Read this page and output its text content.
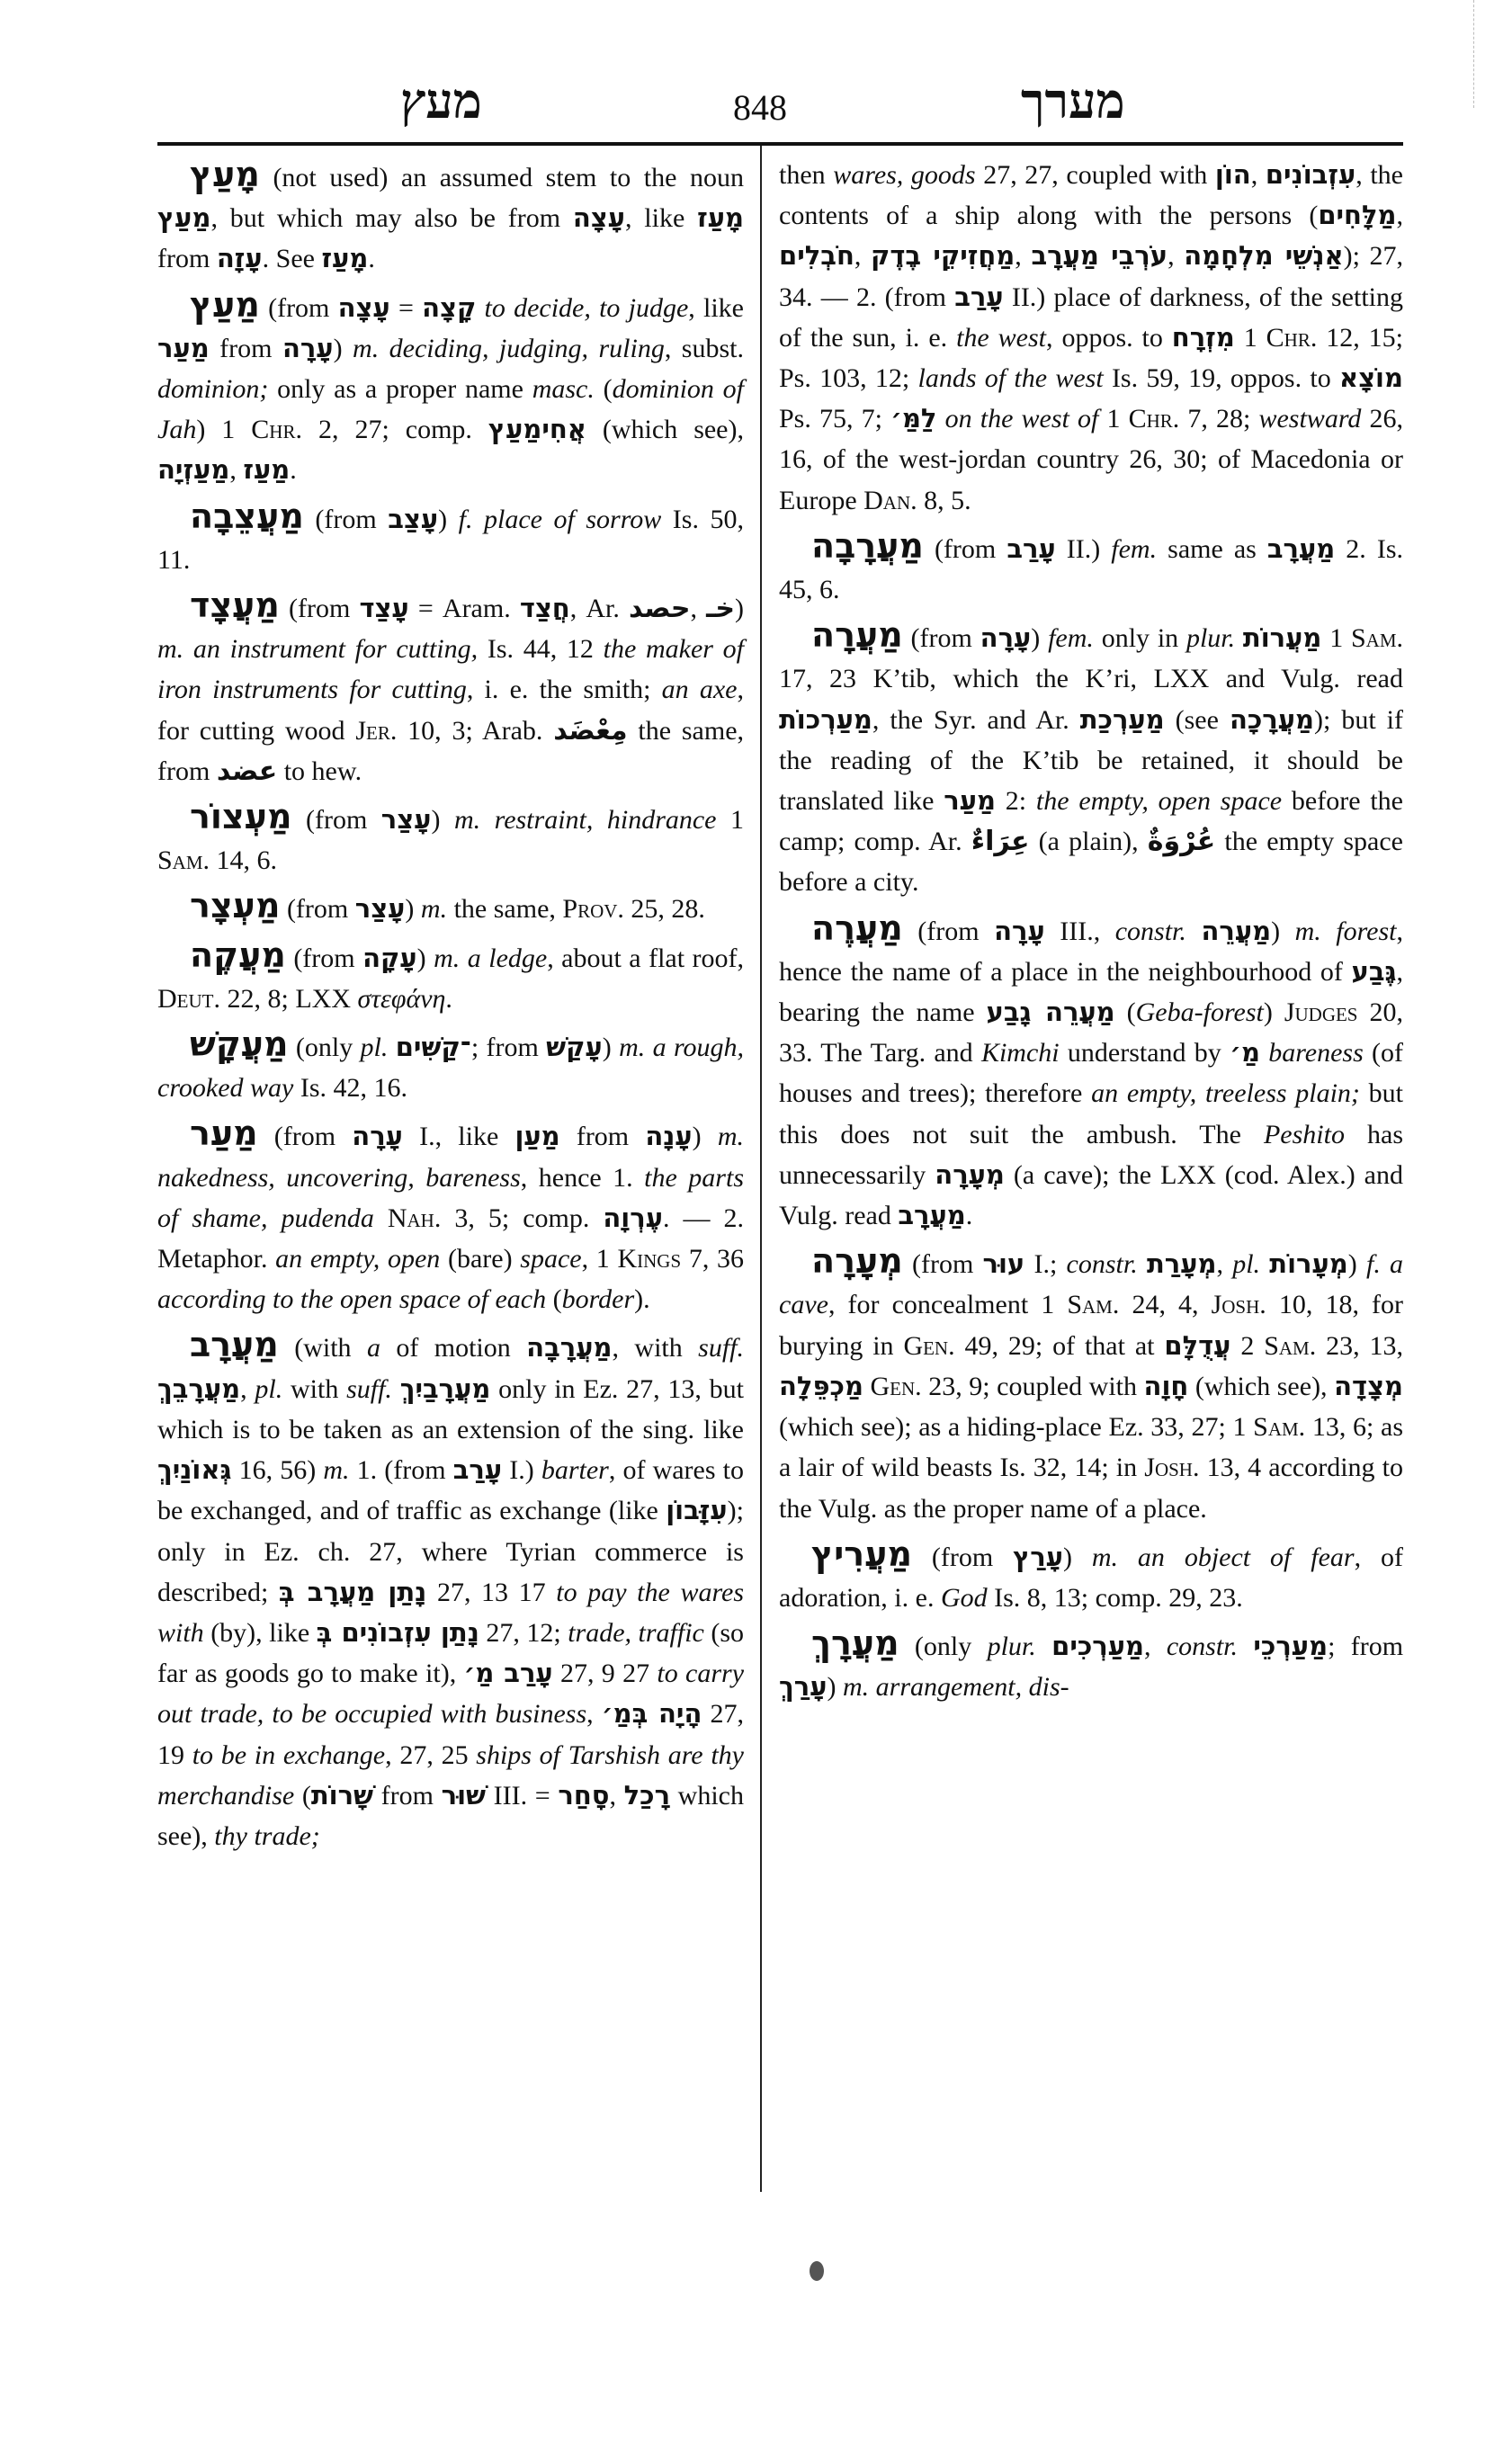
מעץ	848	מערך

מָעַץ (not used) an assumed stem to the noun מַעַץ, but which may also be from עָצָה, like מָעַז from עָזָה. See מָעַז.

מַעַץ (from עָצָה = קָצָה to decide, to judge, like מַעַר from עָרָה) m. deciding, judging, ruling, subst. dominion; only as a proper name masc. (dominion of Jah) 1 Chr. 2, 27; comp. אֲחִימַעַץ (which see), מַעַזְיָה, מַעַז.

מַעֲצֵבָה (from עָצַב) f. place of sorrow Is. 50, 11.

מַעֲצָד (from עָצַד = Aram. חֲצַד, Ar. حصد, خـ) m. an instrument for cutting, Is. 44, 12 the maker of iron instruments for cutting, i. e. the smith; an axe, for cutting wood Jer. 10, 3; Arab. مِعْضَد the same, from عضد to hew.

מַעְצוֹר (from עָצַר) m. restraint, hindrance 1 Sam. 14, 6.

מַעְצָר (from עָצַר) m. the same, Prov. 25, 28.

מַעֲקֶה (from עָקָה) m. a ledge, about a flat roof, Deut. 22, 8; LXX στεφάνη.

מַעֲקָשׁ (only pl. ־קַשִּׁים; from עָקַשׁ) m. a rough, crooked way Is. 42, 16.

מַעַר (from עָרָה I., like מַעַן from עָנָה) m. nakedness, uncovering, bareness, hence 1. the parts of shame, pudenda Nah. 3, 5; comp. עֶרְוָה. — 2. Metaphor. an empty, open (bare) space, 1 Kings 7, 36 according to the open space of each (border).

מַעֲרָב (with a of motion מַעֲרָבָה, with suff. מַעֲרָבֵךְ, pl. with suff. מַעֲרָבַיִךְ only in Ez. 27, 13, but which is to be taken as an extension of the sing. like גְּאוֹנַיִךְ 16, 56) m. 1. (from עָרַב I.) barter, of wares to be exchanged, and of traffic as exchange (like עִזָּבוֹן); only in Ez. ch. 27, where Tyrian commerce is described; נָתַן מַעֲרָב בְּ 27, 13 17 to pay the wares with (by), like נָתַן עִזְבוֹנִים בְּ 27, 12; trade, traffic (so far as goods go to make it), עָרַב מַ׳ 27, 9 27 to carry out trade, to be occupied with business, הָיָה בְּמַ׳ 27, 19 to be in exchange, 27, 25 ships of Tarshish are thy merchandise (שָׁרוֹת from שׁוּר III. = סָחַר, רָכַל which see), thy trade;

then wares, goods 27, 27, coupled with הוֹן, עִזְבוֹנִים, the contents of a ship along with the persons (מַלָּחִים, חֹבְלִים, מַחֲזִיקֵי בֶדֶק, עֹרְבֵי מַעֲרָב, אַנְשֵׁי מִלְחָמָה); 27, 34. — 2. (from עָרַב II.) place of darkness, of the setting of the sun, i. e. the west, oppos. to מִזְרָח 1 Chr. 12, 15; Ps. 103, 12; lands of the west Is. 59, 19, oppos. to מוֹצָא Ps. 75, 7; לַמַּ׳ on the west of 1 Chr. 7, 28; westward 26, 16, of the west-jordan country 26, 30; of Macedonia or Europe Dan. 8, 5.

מַעֲרָבָה (from עָרַב II.) fem. same as מַעֲרָב 2. Is. 45, 6.

מַעֲרָה (from עָרָה) fem. only in plur. מַעֲרוֹת 1 Sam. 17, 23 K’tib, which the K’ri, LXX and Vulg. read מַעַרְכוֹת, the Syr. and Ar. מַעַרְכַת (see מַעֲרָכָה); but if the reading of the K’tib be retained, it should be translated like מַעַר 2: the empty, open space before the camp; comp. Ar. عِرَاءٌ (a plain), عُرْوَةٌ the empty space before a city.

מַעֲרֶה (from עָרָה III., constr. מַעֲרֵה) m. forest, hence the name of a place in the neighbourhood of גֶּבַע, bearing the name מַעֲרֵה גָבַע (Geba-forest) Judges 20, 33. The Targ. and Kimchi understand by מַ׳ bareness (of houses and trees); therefore an empty, treeless plain; but this does not suit the ambush. The Peshito has unnecessarily מְעָרָה (a cave); the LXX (cod. Alex.) and Vulg. read מַעֲרָב.

מְעָרָה (from עוּר I.; constr. מְעָרַת, pl. מְעָרוֹת) f. a cave, for concealment 1 Sam. 24, 4, Josh. 10, 18, for burying in Gen. 49, 29; of that at עֲדֻלָּם 2 Sam. 23, 13, מַכְפֵּלָה Gen. 23, 9; coupled with חָוָה (which see), מְצָדָה (which see); as a hiding-place Ez. 33, 27; 1 Sam. 13, 6; as a lair of wild beasts Is. 32, 14; in Josh. 13, 4 according to the Vulg. as the proper name of a place.

מַעֲרִיץ (from עָרַץ) m. an object of fear, of adoration, i. e. God Is. 8, 13; comp. 29, 23.

מַעֲרָךְ (only plur. מַעַרְכִים, constr. מַעַרְכֵי; from עָרַךְ) m. arrangement, dis-
